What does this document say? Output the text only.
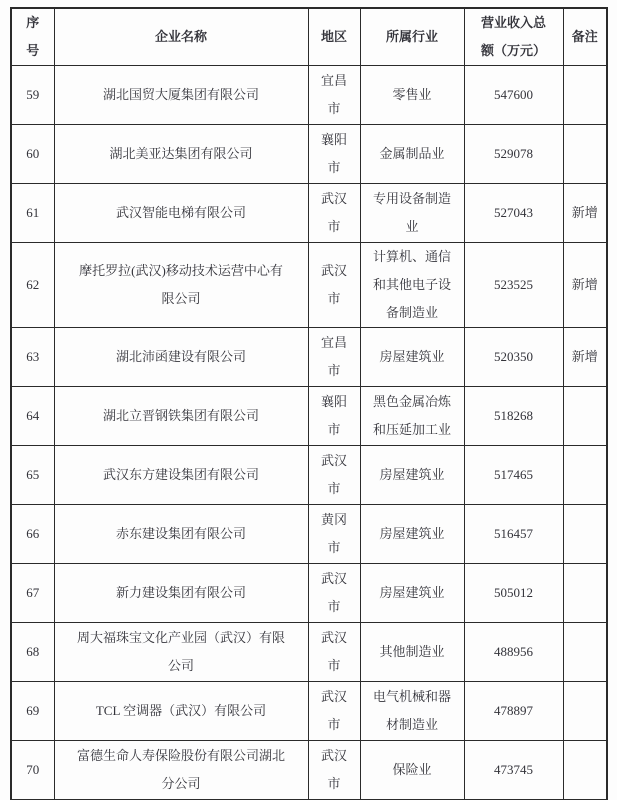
序号	企业名称	地区	所属行业	营业收入总额（万元）	备注
59	湖北国贸大厦集团有限公司	宜昌市	零售业	547600	
60	湖北美亚达集团有限公司	襄阳市	金属制品业	529078	
61	武汉智能电梯有限公司	武汉市	专用设备制造业	527043	新增
62	摩托罗拉(武汉)移动技术运营中心有限公司	武汉市	计算机、通信和其他电子设备制造业	523525	新增
63	湖北沛函建设有限公司	宜昌市	房屋建筑业	520350	新增
64	湖北立晋钢铁集团有限公司	襄阳市	黑色金属冶炼和压延加工业	518268	
65	武汉东方建设集团有限公司	武汉市	房屋建筑业	517465	
66	赤东建设集团有限公司	黄冈市	房屋建筑业	516457	
67	新力建设集团有限公司	武汉市	房屋建筑业	505012	
68	周大福珠宝文化产业园（武汉）有限公司	武汉市	其他制造业	488956	
69	TCL 空调器（武汉）有限公司	武汉市	电气机械和器材制造业	478897	
70	富德生命人寿保险股份有限公司湖北分公司	武汉市	保险业	473745	
